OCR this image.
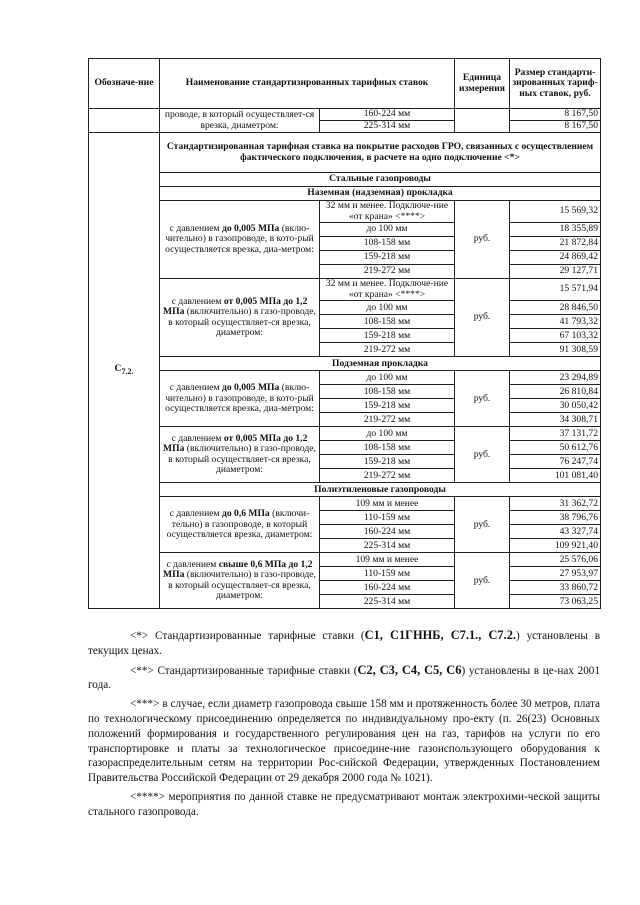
Обозначе-ние	Наименование стандартизированных тарифных ставок		Единица измерения	Размер стандарти-зированных тариф-ных ставок, руб.
	проводе, в который осуществляет-ся врезка, диаметром:	160-224 мм		8 167,50
		225-314 мм		8 167,50
$С_{7.2.}$	Стандартизированная тарифная ставка на покрытие расходов ГРО, связанных с осуществлением фактического подключения, в расчете на одно подключение <*>			
	Стальные газопроводы			
	Наземная (надземная) прокладка			
	с давлением до 0,005 МПа (вклю-чительно) в газопроводе, в кото-рый осуществляется врезка, диа-метром:	32 мм и менее. Подключе-ние «от крана» <****>	руб.	15 569,32
		до 100 мм		18 355,89
		108-158 мм		21 872,84
		159-218 мм		24 869,42
		219-272 мм		29 127,71
	с давлением от 0,005 МПа до 1,2 МПа (включительно) в газо-проводе, в который осуществляет-ся врезка, диаметром:	32 мм и менее. Подключе-ние «от крана» <****>	руб.	15 571,94
		до 100 мм		28 846,50
		108-158 мм		41 793,32
		159-218 мм		67 103,32
		219-272 мм		91 308,59
	Подземная прокладка			
	с давлением до 0,005 МПа (вклю-чительно) в газопроводе, в кото-рый осуществляется врезка, диа-метром:	до 100 мм	руб.	23 294,89
		108-158 мм		26 810,84
		159-218 мм		30 050,42
		219-272 мм		34 308,71
	с давлением от 0,005 МПа до 1,2 МПа (включительно) в газо-проводе, в который осуществляет-ся врезка, диаметром:	до 100 мм	руб.	37 131,72
		108-158 мм		50 612,76
		159-218 мм		76 247,74
		219-272 мм		101 081,40
	Полиэтиленовые газопроводы			
	с давлением до 0,6 МПа (включи-тельно) в газопроводе, в который осуществляется врезка, диаметром:	109 мм и менее	руб.	31 362,72
		110-159 мм		38 796,76
		160-224 мм		43 327,74
		225-314 мм		109 921,40
	с давлением свыше 0,6 МПа до 1,2 МПа (включительно) в газо-проводе, в который осуществляет-ся врезка, диаметром:	109 мм и менее	руб.	25 576,06
		110-159 мм		27 953,97
		160-224 мм		33 860,72
		225-314 мм		73 063,25

<*> Стандартизированные тарифные ставки (С1, С1ГННБ, С7.1., С7.2.) установлены в текущих ценах.

<**> Стандартизированные тарифные ставки (С2, С3, С4, С5, С6) установлены в це-нах 2001 года.

<***> в случае, если диаметр газопровода свыше 158 мм и протяженность более 30 метров, плата по технологическому присоединению определяется по индивидуальному про-екту (п. 26(23) Основных положений формирования и государственного регулирования цен на газ, тарифов на услуги по его транспортировке и платы за технологическое присоедине-ние газоиспользующего оборудования к газораспределительным сетям на территории Рос-сийской Федерации, утвержденных Постановлением Правительства Российской Федерации от 29 декабря 2000 года № 1021).

<****> мероприятия по данной ставке не предусматривают монтаж электрохими-ческой защиты стального газопровода.
